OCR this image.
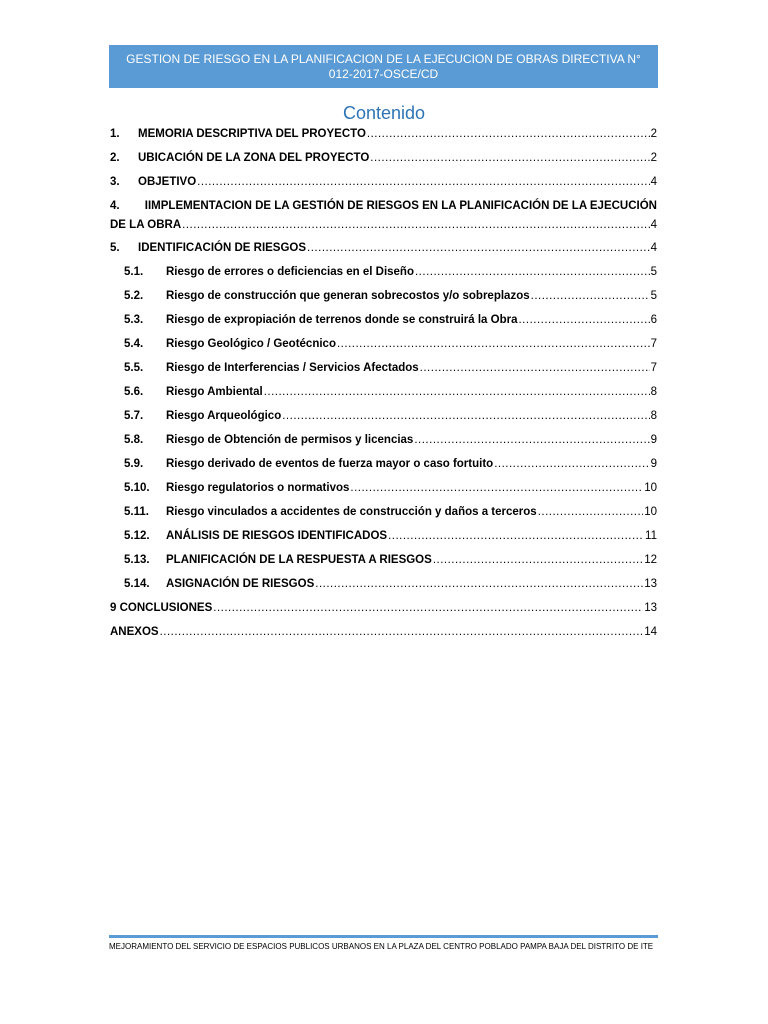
GESTION DE RIESGO EN LA PLANIFICACION DE LA EJECUCION DE OBRAS DIRECTIVA N° 012-2017-OSCE/CD
Contenido
1.	MEMORIA DESCRIPTIVA DEL PROYECTO .....	2
2.	UBICACIÓN DE LA ZONA DEL PROYECTO .....	2
3.	OBJETIVO .....	4
4.	IIMPLEMENTACION DE LA GESTIÓN DE RIESGOS EN LA PLANIFICACIÓN DE LA EJECUCIÓN
DE LA OBRA .....	4
5.	IDENTIFICACIÓN DE RIESGOS .....	4
5.1.	Riesgo de errores o deficiencias en el Diseño .....	5
5.2.	Riesgo de construcción que generan sobrecostos y/o sobreplazos .....	5
5.3.	Riesgo de expropiación de terrenos donde se construirá la Obra .....	6
5.4.	Riesgo Geológico / Geotécnico .....	7
5.5.	Riesgo de Interferencias / Servicios Afectados .....	7
5.6.	Riesgo Ambiental .....	8
5.7.	Riesgo Arqueológico .....	8
5.8.	Riesgo de Obtención de permisos y licencias .....	9
5.9.	Riesgo derivado de eventos de fuerza mayor o caso fortuito .....	9
5.10.	Riesgo regulatorios o normativos .....	10
5.11.	Riesgo vinculados a accidentes de construcción y daños a terceros .....	10
5.12.	ANÁLISIS DE RIESGOS IDENTIFICADOS .....	11
5.13.	PLANIFICACIÓN DE LA RESPUESTA A RIESGOS .....	12
5.14.	ASIGNACIÓN DE RIESGOS .....	13
9 CONCLUSIONES .....	13
ANEXOS .....	14
MEJORAMIENTO DEL SERVICIO DE ESPACIOS PUBLICOS URBANOS EN LA PLAZA DEL CENTRO POBLADO PAMPA BAJA DEL DISTRITO DE ITE
